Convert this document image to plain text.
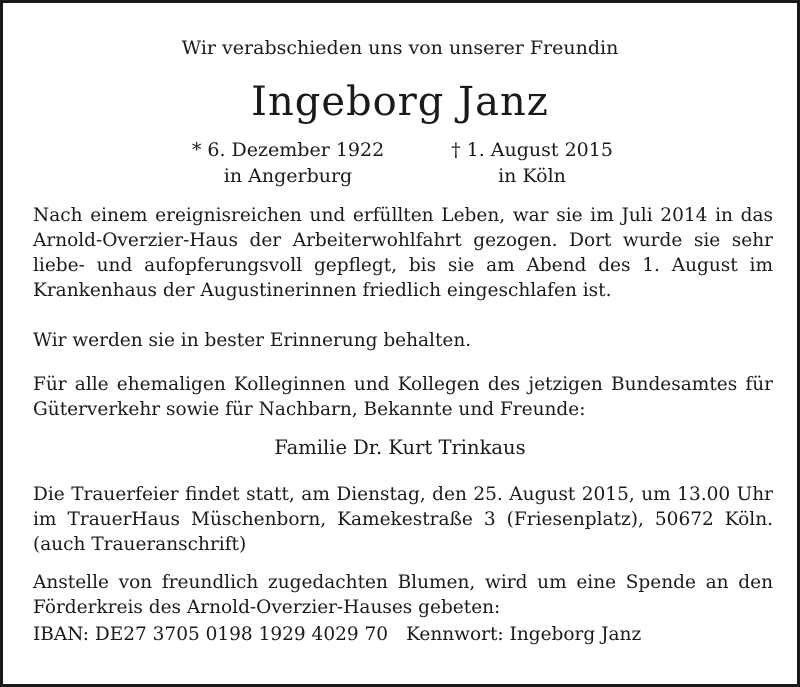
Wir verabschieden uns von unserer Freundin
Ingeborg Janz
* 6. Dezember 1922
in Angerburg
† 1. August 2015
in Köln
Nach einem ereignisreichen und erfüllten Leben, war sie im Juli 2014 in das
Arnold-Overzier-Haus der Arbeiterwohlfahrt gezogen. Dort wurde sie sehr
liebe- und aufopferungsvoll gepflegt, bis sie am Abend des 1. August im
Krankenhaus der Augustinerinnen friedlich eingeschlafen ist.
Wir werden sie in bester Erinnerung behalten.
Für alle ehemaligen Kolleginnen und Kollegen des jetzigen Bundesamtes für
Güterverkehr sowie für Nachbarn, Bekannte und Freunde:
Familie Dr. Kurt Trinkaus
Die Trauerfeier findet statt, am Dienstag, den 25. August 2015, um 13.00 Uhr
im TrauerHaus Müschenborn, Kamekestraße 3 (Friesenplatz), 50672 Köln.
(auch Traueranschrift)
Anstelle von freundlich zugedachten Blumen, wird um eine Spende an den
Förderkreis des Arnold-Overzier-Hauses gebeten:
IBAN: DE27 3705 0198 1929 4029 70 Kennwort: Ingeborg Janz
